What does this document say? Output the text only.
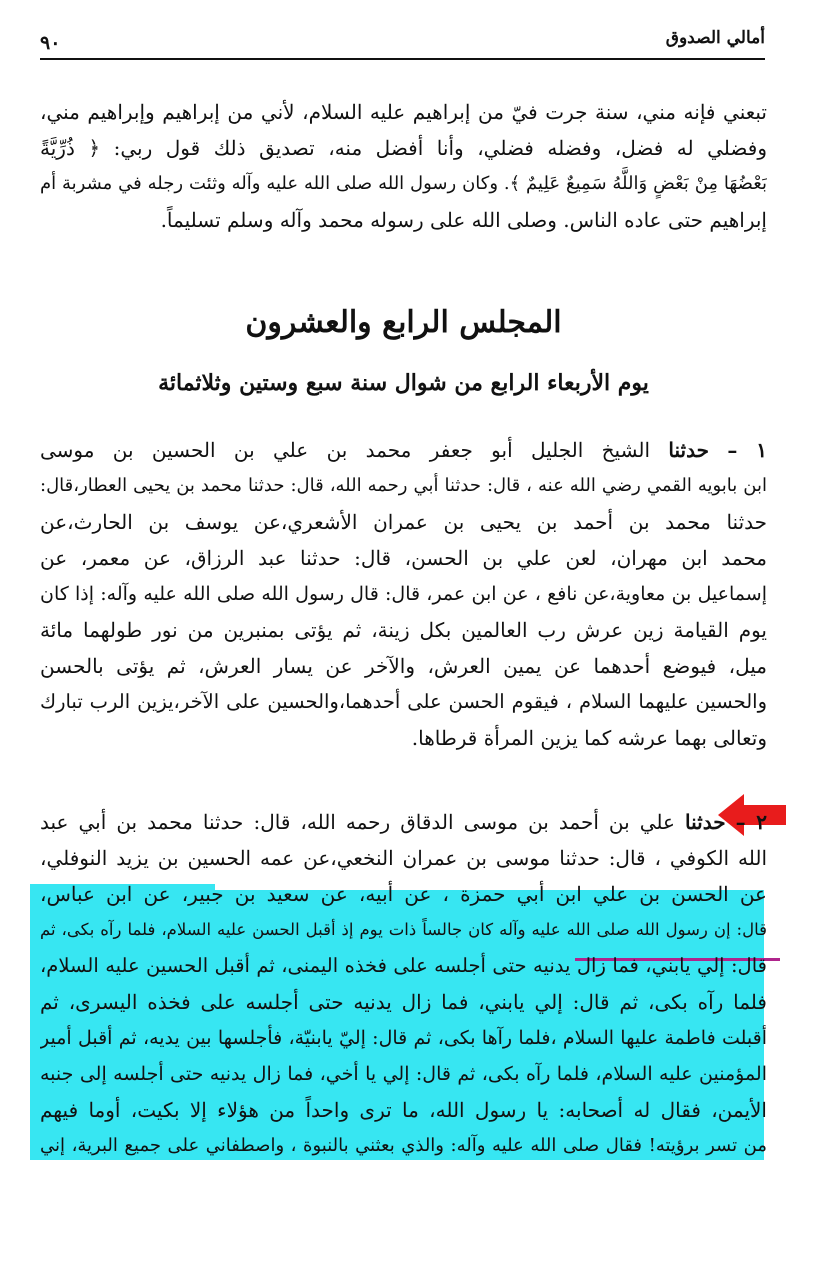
أمالي الصدوق
٩٠
تبعني فإنه مني، سنة جرت فيّ من إبراهيم عليه السلام، لأني من إبراهيم وإبراهيم مني،
وفضلي له فضل، وفضله فضلي، وأنا أفضل منه، تصديق ذلك قول ربي: ﴿ ذُرِّيَّةً
بَعْضُهَا مِنْ بَعْضٍ وَاللَّهُ سَمِيعٌ عَلِيمٌ ﴾. وكان رسول الله صلى الله عليه وآله وثئت رجله في مشربة أم
إبراهيم حتى عاده الناس. وصلى الله على رسوله محمد وآله وسلم تسليماً.
المجلس الرابع والعشرون
يوم الأربعاء الرابع من شوال سنة سبع وستين وثلاثمائة
١ – حدثنا الشيخ الجليل أبو جعفر محمد بن علي بن الحسين بن موسى
ابن بابويه القمي رضي الله عنه ، قال: حدثنا أبي رحمه الله، قال: حدثنا محمد بن يحيى العطار،قال:
حدثنا محمد بن أحمد بن يحيى بن عمران الأشعري،عن يوسف بن الحارث،عن
محمد ابن مهران، لعن علي بن الحسن، قال: حدثنا عبد الرزاق، عن معمر، عن
إسماعيل بن معاوية،عن نافع ، عن ابن عمر، قال: قال رسول الله صلى الله عليه وآله: إذا كان
يوم القيامة زين عرش رب العالمين بكل زينة، ثم يؤتى بمنبرين من نور طولهما مائة
ميل، فيوضع أحدهما عن يمين العرش، والآخر عن يسار العرش، ثم يؤتى بالحسن
والحسين عليهما السلام ، فيقوم الحسن على أحدهما،والحسين على الآخر،يزين الرب تبارك
وتعالى بهما عرشه كما يزين المرأة قرطاها.
٢ – حدثنا علي بن أحمد بن موسى الدقاق رحمه الله، قال: حدثنا محمد بن أبي عبد
الله الكوفي ، قال: حدثنا موسى بن عمران النخعي،عن عمه الحسين بن يزيد النوفلي،
عن الحسن بن علي ابن أبي حمزة ، عن أبيه، عن سعيد بن جبير، عن ابن عباس،
قال: إن رسول الله صلى الله عليه وآله كان جالساً ذات يوم إذ أقبل الحسن عليه السلام، فلما رآه بكى، ثم
قال: إلي يابني، فما زال يدنيه حتى أجلسه على فخذه اليمنى، ثم أقبل الحسين عليه السلام،
فلما رآه بكى، ثم قال: إلي يابني، فما زال يدنيه حتى أجلسه على فخذه اليسرى، ثم
أقبلت فاطمة عليها السلام ،فلما رآها بكى، ثم قال: إليّ يابنيّة، فأجلسها بين يديه، ثم أقبل أمير
المؤمنين عليه السلام، فلما رآه بكى، ثم قال: إلي يا أخي، فما زال يدنيه حتى أجلسه إلى جنبه
الأيمن، فقال له أصحابه: يا رسول الله، ما ترى واحداً من هؤلاء إلا بكيت، أوما فيهم
من تسر برؤيته! فقال صلى الله عليه وآله: والذي بعثني بالنبوة ، واصطفاني على جميع البرية، إني
